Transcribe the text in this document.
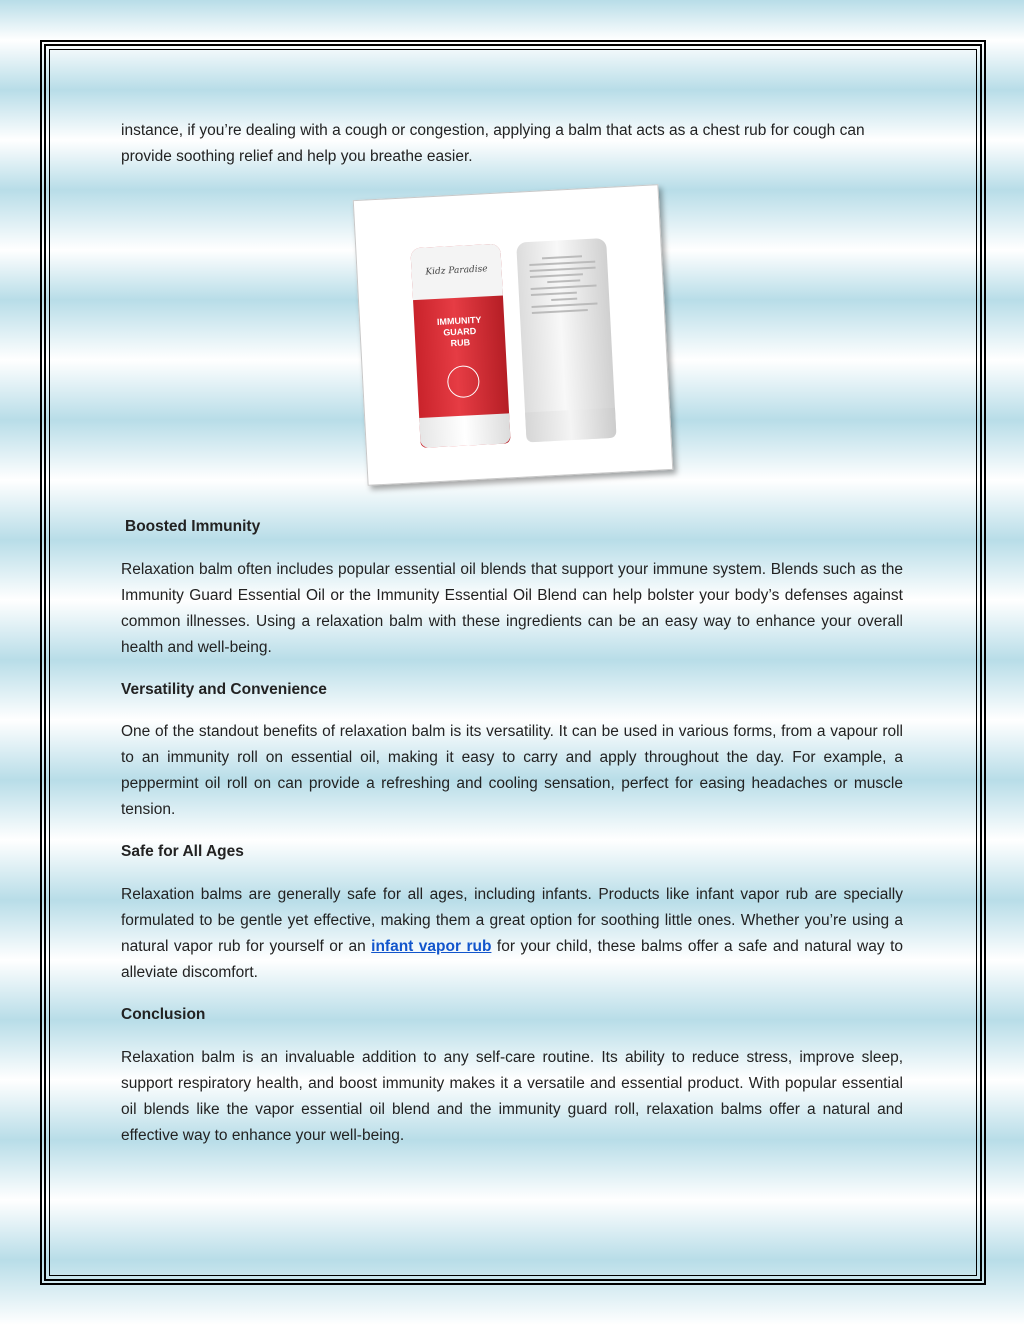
instance, if you’re dealing with a cough or congestion, applying a balm that acts as a chest rub for cough can provide soothing relief and help you breathe easier.

Kidz Paradise
IMMUNITY
GUARD
RUB
Boosted Immunity

Relaxation balm often includes popular essential oil blends that support your immune system. Blends such as the Immunity Guard Essential Oil or the Immunity Essential Oil Blend can help bolster your body’s defenses against common illnesses. Using a relaxation balm with these ingredients can be an easy way to enhance your overall health and well-being.

Versatility and Convenience

One of the standout benefits of relaxation balm is its versatility. It can be used in various forms, from a vapour roll to an immunity roll on essential oil, making it easy to carry and apply throughout the day. For example, a peppermint oil roll on can provide a refreshing and cooling sensation, perfect for easing headaches or muscle tension.

Safe for All Ages

Relaxation balms are generally safe for all ages, including infants. Products like infant vapor rub are specially formulated to be gentle yet effective, making them a great option for soothing little ones. Whether you’re using a natural vapor rub for yourself or an infant vapor rub for your child, these balms offer a safe and natural way to alleviate discomfort.

Conclusion

Relaxation balm is an invaluable addition to any self-care routine. Its ability to reduce stress, improve sleep, support respiratory health, and boost immunity makes it a versatile and essential product. With popular essential oil blends like the vapor essential oil blend and the immunity guard roll, relaxation balms offer a natural and effective way to enhance your well-being.
